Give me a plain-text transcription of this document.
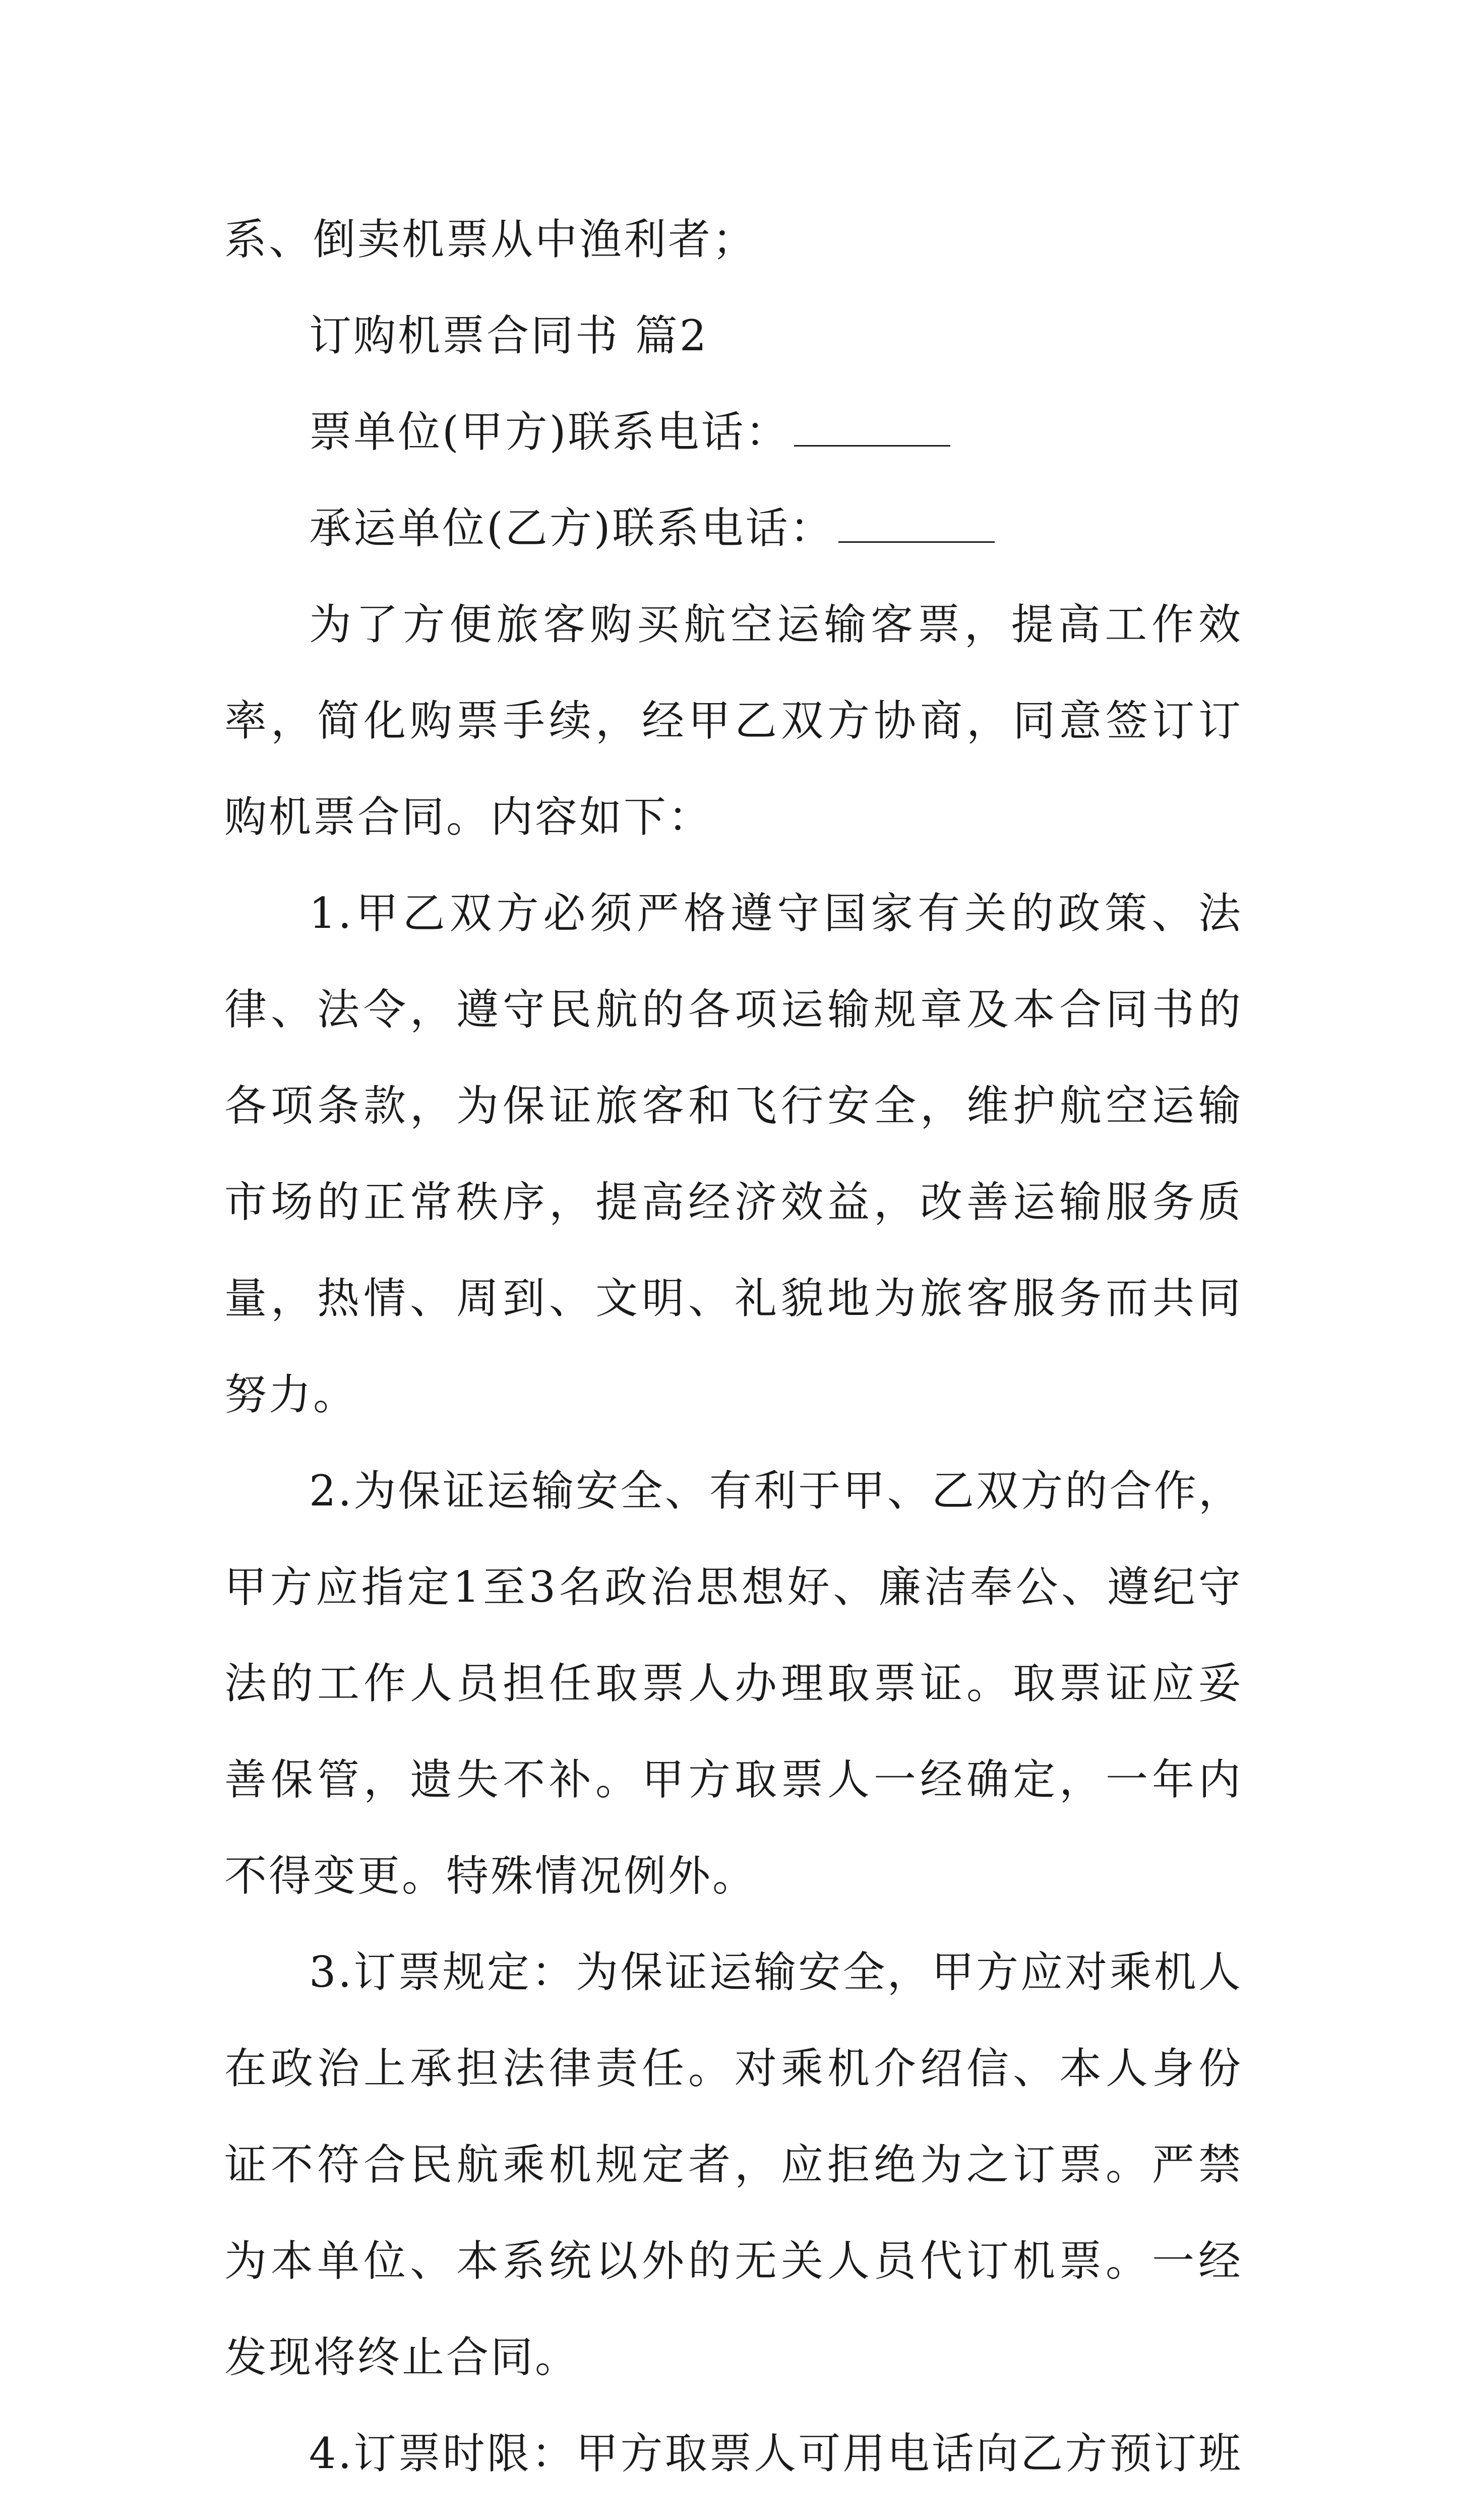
系、倒卖机票从中渔利者；

订购机票合同书 篇2

票单位(甲方)联系电话：

承运单位(乙方)联系电话：

为了方便旅客购买航空运输客票，提高工作效率，简化购票手续，经甲乙双方协商，同意签订订购机票合同。内容如下：

1.甲乙双方必须严格遵守国家有关的政策、法律、法令，遵守民航的各项运输规章及本合同书的各项条款，为保证旅客和飞行安全，维护航空运输市场的正常秩序，提高经济效益，改善运输服务质量，热情、周到、文明、礼貌地为旅客服务而共同努力。

2.为保证运输安全、有利于甲、乙双方的合作，甲方应指定1至3名政治思想好、廉洁奉公、遵纪守法的工作人员担任取票人办理取票证。取票证应妥善保管，遗失不补。甲方取票人一经确定，一年内不得变更。特殊情况例外。

3.订票规定：为保证运输安全，甲方应对乘机人在政治上承担法律责任。对乘机介绍信、本人身份证不符合民航乘机规定者，应拒绝为之订票。严禁为本单位、本系统以外的无关人员代订机票。一经发现将终止合同。

4.订票时限：甲方取票人可用电话向乙方预订班
